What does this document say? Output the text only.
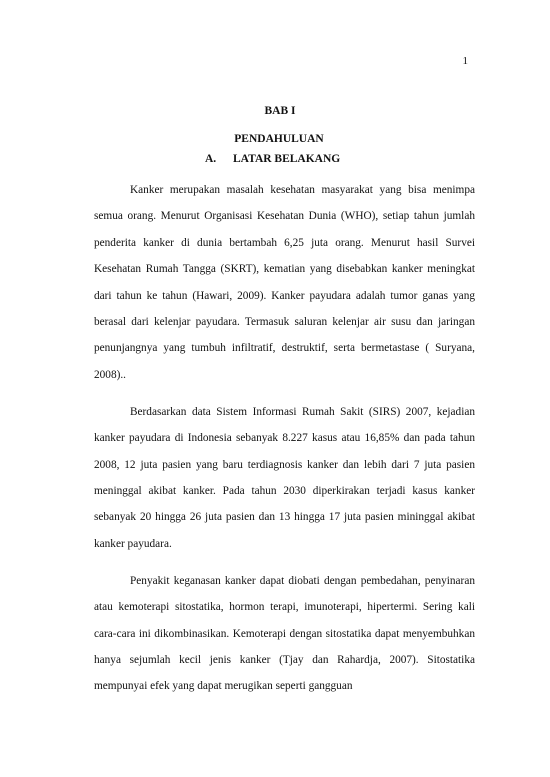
1
BAB I
PENDAHULUAN
A. LATAR BELAKANG

Kanker merupakan masalah kesehatan masyarakat yang bisa menimpa semua orang. Menurut Organisasi Kesehatan Dunia (WHO), setiap tahun jumlah penderita kanker di dunia bertambah 6,25 juta orang. Menurut hasil Survei Kesehatan Rumah Tangga (SKRT), kematian yang disebabkan kanker meningkat dari tahun ke tahun (Hawari, 2009). Kanker payudara adalah tumor ganas yang berasal dari kelenjar payudara. Termasuk saluran kelenjar air susu dan jaringan penunjangnya yang tumbuh infiltratif, destruktif, serta bermetastase ( Suryana, 2008)..

Berdasarkan data Sistem Informasi Rumah Sakit (SIRS) 2007, kejadian kanker payudara di Indonesia sebanyak 8.227 kasus atau 16,85% dan pada tahun 2008, 12 juta pasien yang baru terdiagnosis kanker dan lebih dari 7 juta pasien meninggal akibat kanker. Pada tahun 2030 diperkirakan terjadi kasus kanker sebanyak 20 hingga 26 juta pasien dan 13 hingga 17 juta pasien mininggal akibat kanker payudara.

Penyakit keganasan kanker dapat diobati dengan pembedahan, penyinaran atau kemoterapi sitostatika, hormon terapi, imunoterapi, hipertermi. Sering kali cara-cara ini dikombinasikan. Kemoterapi dengan sitostatika dapat menyembuhkan hanya sejumlah kecil jenis kanker (Tjay dan Rahardja, 2007). Sitostatika mempunyai efek yang dapat merugikan seperti gangguan
